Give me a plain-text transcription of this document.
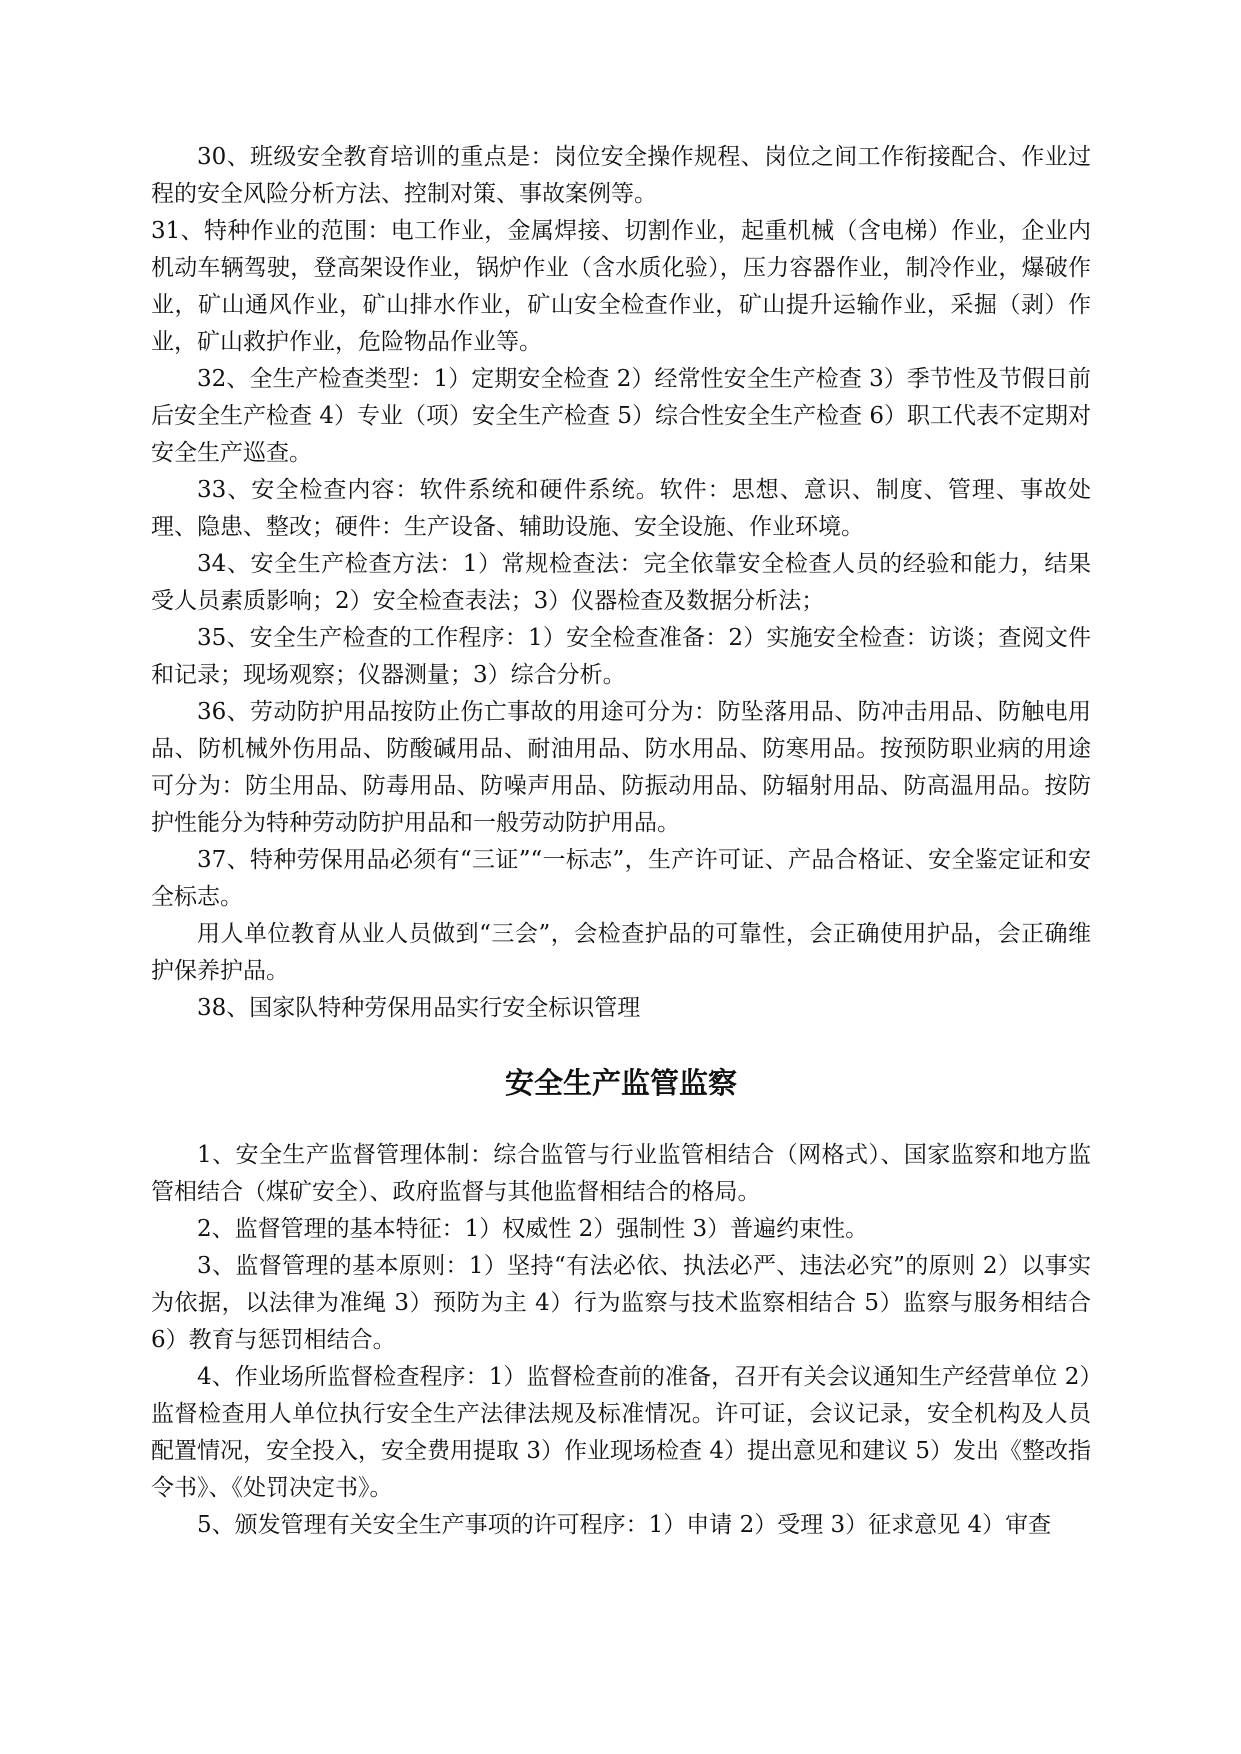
30、班级安全教育培训的重点是：岗位安全操作规程、岗位之间工作衔接配合、作业过程的安全风险分析方法、控制对策、事故案例等。

31、特种作业的范围：电工作业，金属焊接、切割作业，起重机械（含电梯）作业，企业内机动车辆驾驶，登高架设作业，锅炉作业（含水质化验），压力容器作业，制冷作业，爆破作业，矿山通风作业，矿山排水作业，矿山安全检查作业，矿山提升运输作业，采掘（剥）作业，矿山救护作业，危险物品作业等。

32、全生产检查类型：1）定期安全检查 2）经常性安全生产检查 3）季节性及节假日前后安全生产检查 4）专业（项）安全生产检查 5）综合性安全生产检查 6）职工代表不定期对安全生产巡查。

33、安全检查内容：软件系统和硬件系统。软件：思想、意识、制度、管理、事故处理、隐患、整改；硬件：生产设备、辅助设施、安全设施、作业环境。

34、安全生产检查方法：1）常规检查法：完全依靠安全检查人员的经验和能力，结果受人员素质影响；2）安全检查表法；3）仪器检查及数据分析法；

35、安全生产检查的工作程序：1）安全检查准备：2）实施安全检查：访谈；查阅文件和记录；现场观察；仪器测量；3）综合分析。

36、劳动防护用品按防止伤亡事故的用途可分为：防坠落用品、防冲击用品、防触电用品、防机械外伤用品、防酸碱用品、耐油用品、防水用品、防寒用品。按预防职业病的用途可分为：防尘用品、防毒用品、防噪声用品、防振动用品、防辐射用品、防高温用品。按防护性能分为特种劳动防护用品和一般劳动防护用品。

37、特种劳保用品必须有“三证”“一标志”，生产许可证、产品合格证、安全鉴定证和安全标志。

用人单位教育从业人员做到“三会”，会检查护品的可靠性，会正确使用护品，会正确维护保养护品。

38、国家队特种劳保用品实行安全标识管理

安全生产监管监察

1、安全生产监督管理体制：综合监管与行业监管相结合（网格式）、国家监察和地方监管相结合（煤矿安全）、政府监督与其他监督相结合的格局。

2、监督管理的基本特征：1）权威性 2）强制性 3）普遍约束性。

3、监督管理的基本原则：1）坚持“有法必依、执法必严、违法必究”的原则 2）以事实为依据，以法律为准绳 3）预防为主 4）行为监察与技术监察相结合 5）监察与服务相结合 6）教育与惩罚相结合。

4、作业场所监督检查程序：1）监督检查前的准备，召开有关会议通知生产经营单位 2）监督检查用人单位执行安全生产法律法规及标准情况。许可证，会议记录，安全机构及人员配置情况，安全投入，安全费用提取 3）作业现场检查 4）提出意见和建议 5）发出《整改指令书》、《处罚决定书》。

5、颁发管理有关安全生产事项的许可程序：1）申请 2）受理 3）征求意见 4）审查
